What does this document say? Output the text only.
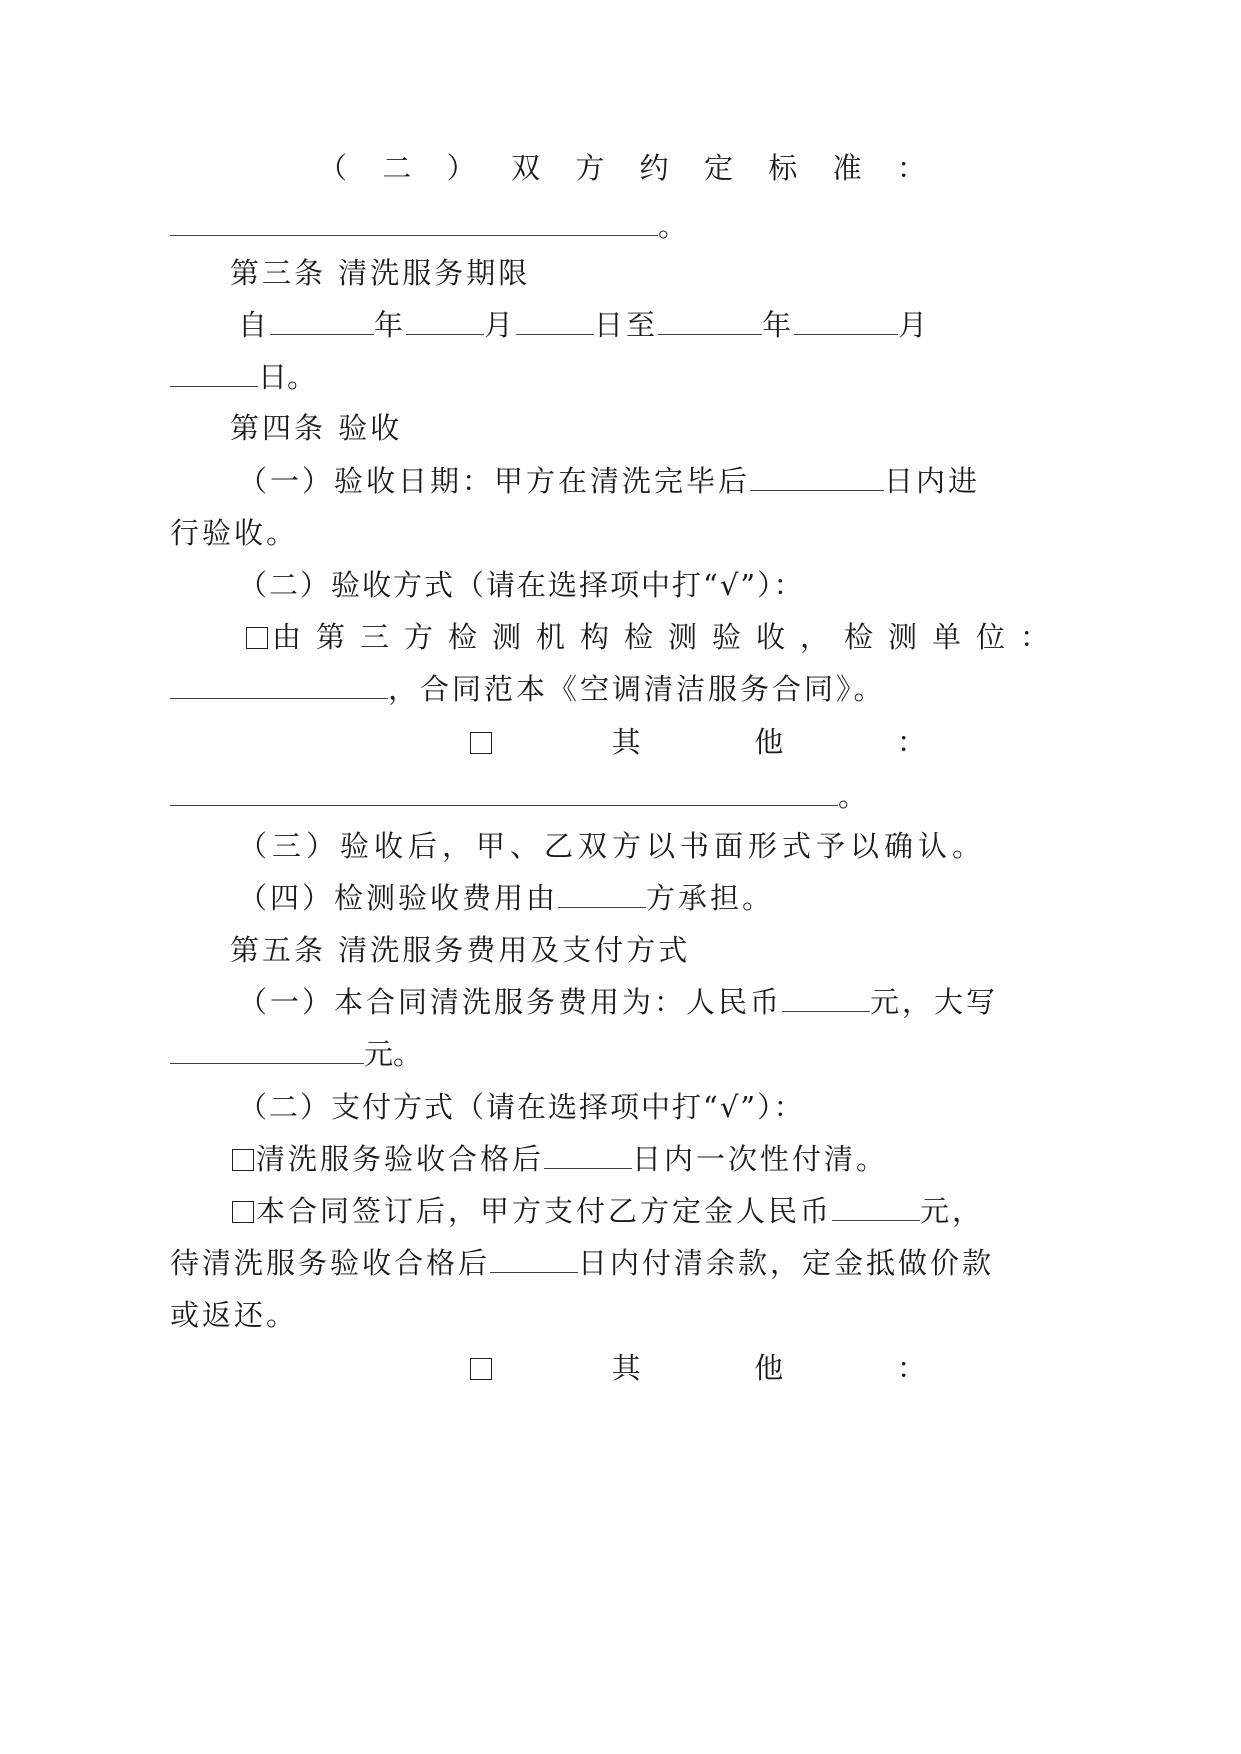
（ 二 ） 双 方 约 定 标 准 ：
。
第三条 清洗服务期限
自	年	月	日至	年	月
日。
第四条 验收
（一）验收日期：甲方在清洗完毕后	日内进
行验收。
（二）验收方式（请在选择项中打“√”）：
由第三方检测机构检测验收，检测单位：
，合同范本《空调清洁服务合同》。
其	他	：
。
（三）验收后，甲、乙双方以书面形式予以确认。
（四）检测验收费用由	方承担。
第五条 清洗服务费用及支付方式
（一）本合同清洗服务费用为：人民币	元，大写
元。
（二）支付方式（请在选择项中打“√”）：
清洗服务验收合格后	日内一次性付清。
本合同签订后，甲方支付乙方定金人民币	元，
待清洗服务验收合格后	日内付清余款，定金抵做价款
或返还。
其	他	：
